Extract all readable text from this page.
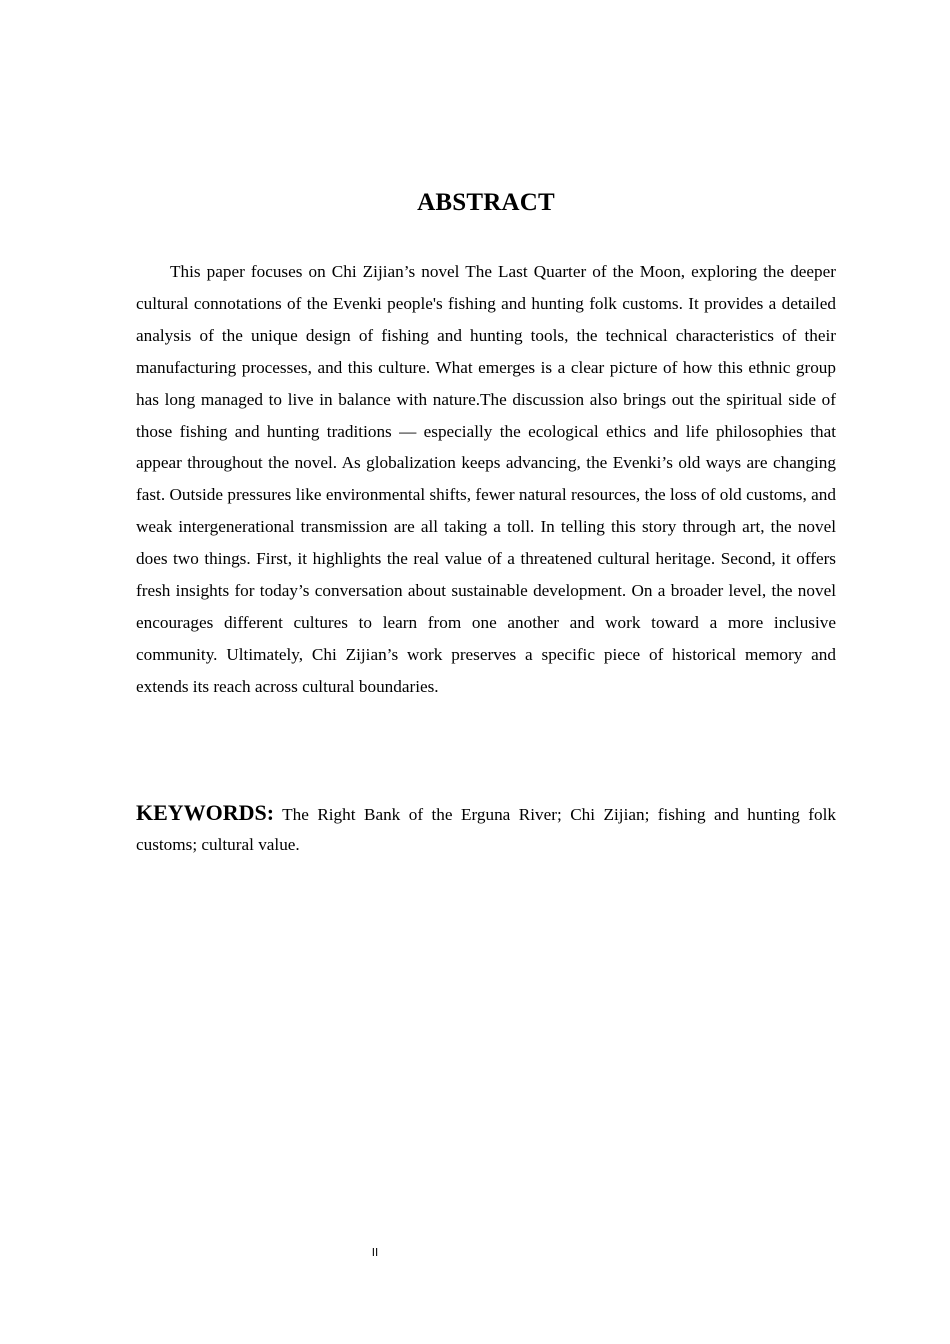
ABSTRACT

This paper focuses on Chi Zijian’s novel The Last Quarter of the Moon, exploring the deeper cultural connotations of the Evenki people's fishing and hunting folk customs. It provides a detailed analysis of the unique design of fishing and hunting tools, the technical characteristics of their manufacturing processes, and this culture. What emerges is a clear picture of how this ethnic group has long managed to live in balance with nature.The discussion also brings out the spiritual side of those fishing and hunting traditions — especially the ecological ethics and life philosophies that appear throughout the novel. As globalization keeps advancing, the Evenki’s old ways are changing fast. Outside pressures like environmental shifts, fewer natural resources, the loss of old customs, and weak intergenerational transmission are all taking a toll. In telling this story through art, the novel does two things. First, it highlights the real value of a threatened cultural heritage. Second, it offers fresh insights for today’s conversation about sustainable development. On a broader level, the novel encourages different cultures to learn from one another and work toward a more inclusive community. Ultimately, Chi Zijian’s work preserves a specific piece of historical memory and extends its reach across cultural boundaries.

KEYWORDS: The Right Bank of the Erguna River; Chi Zijian; fishing and hunting folk customs; cultural value.

II
